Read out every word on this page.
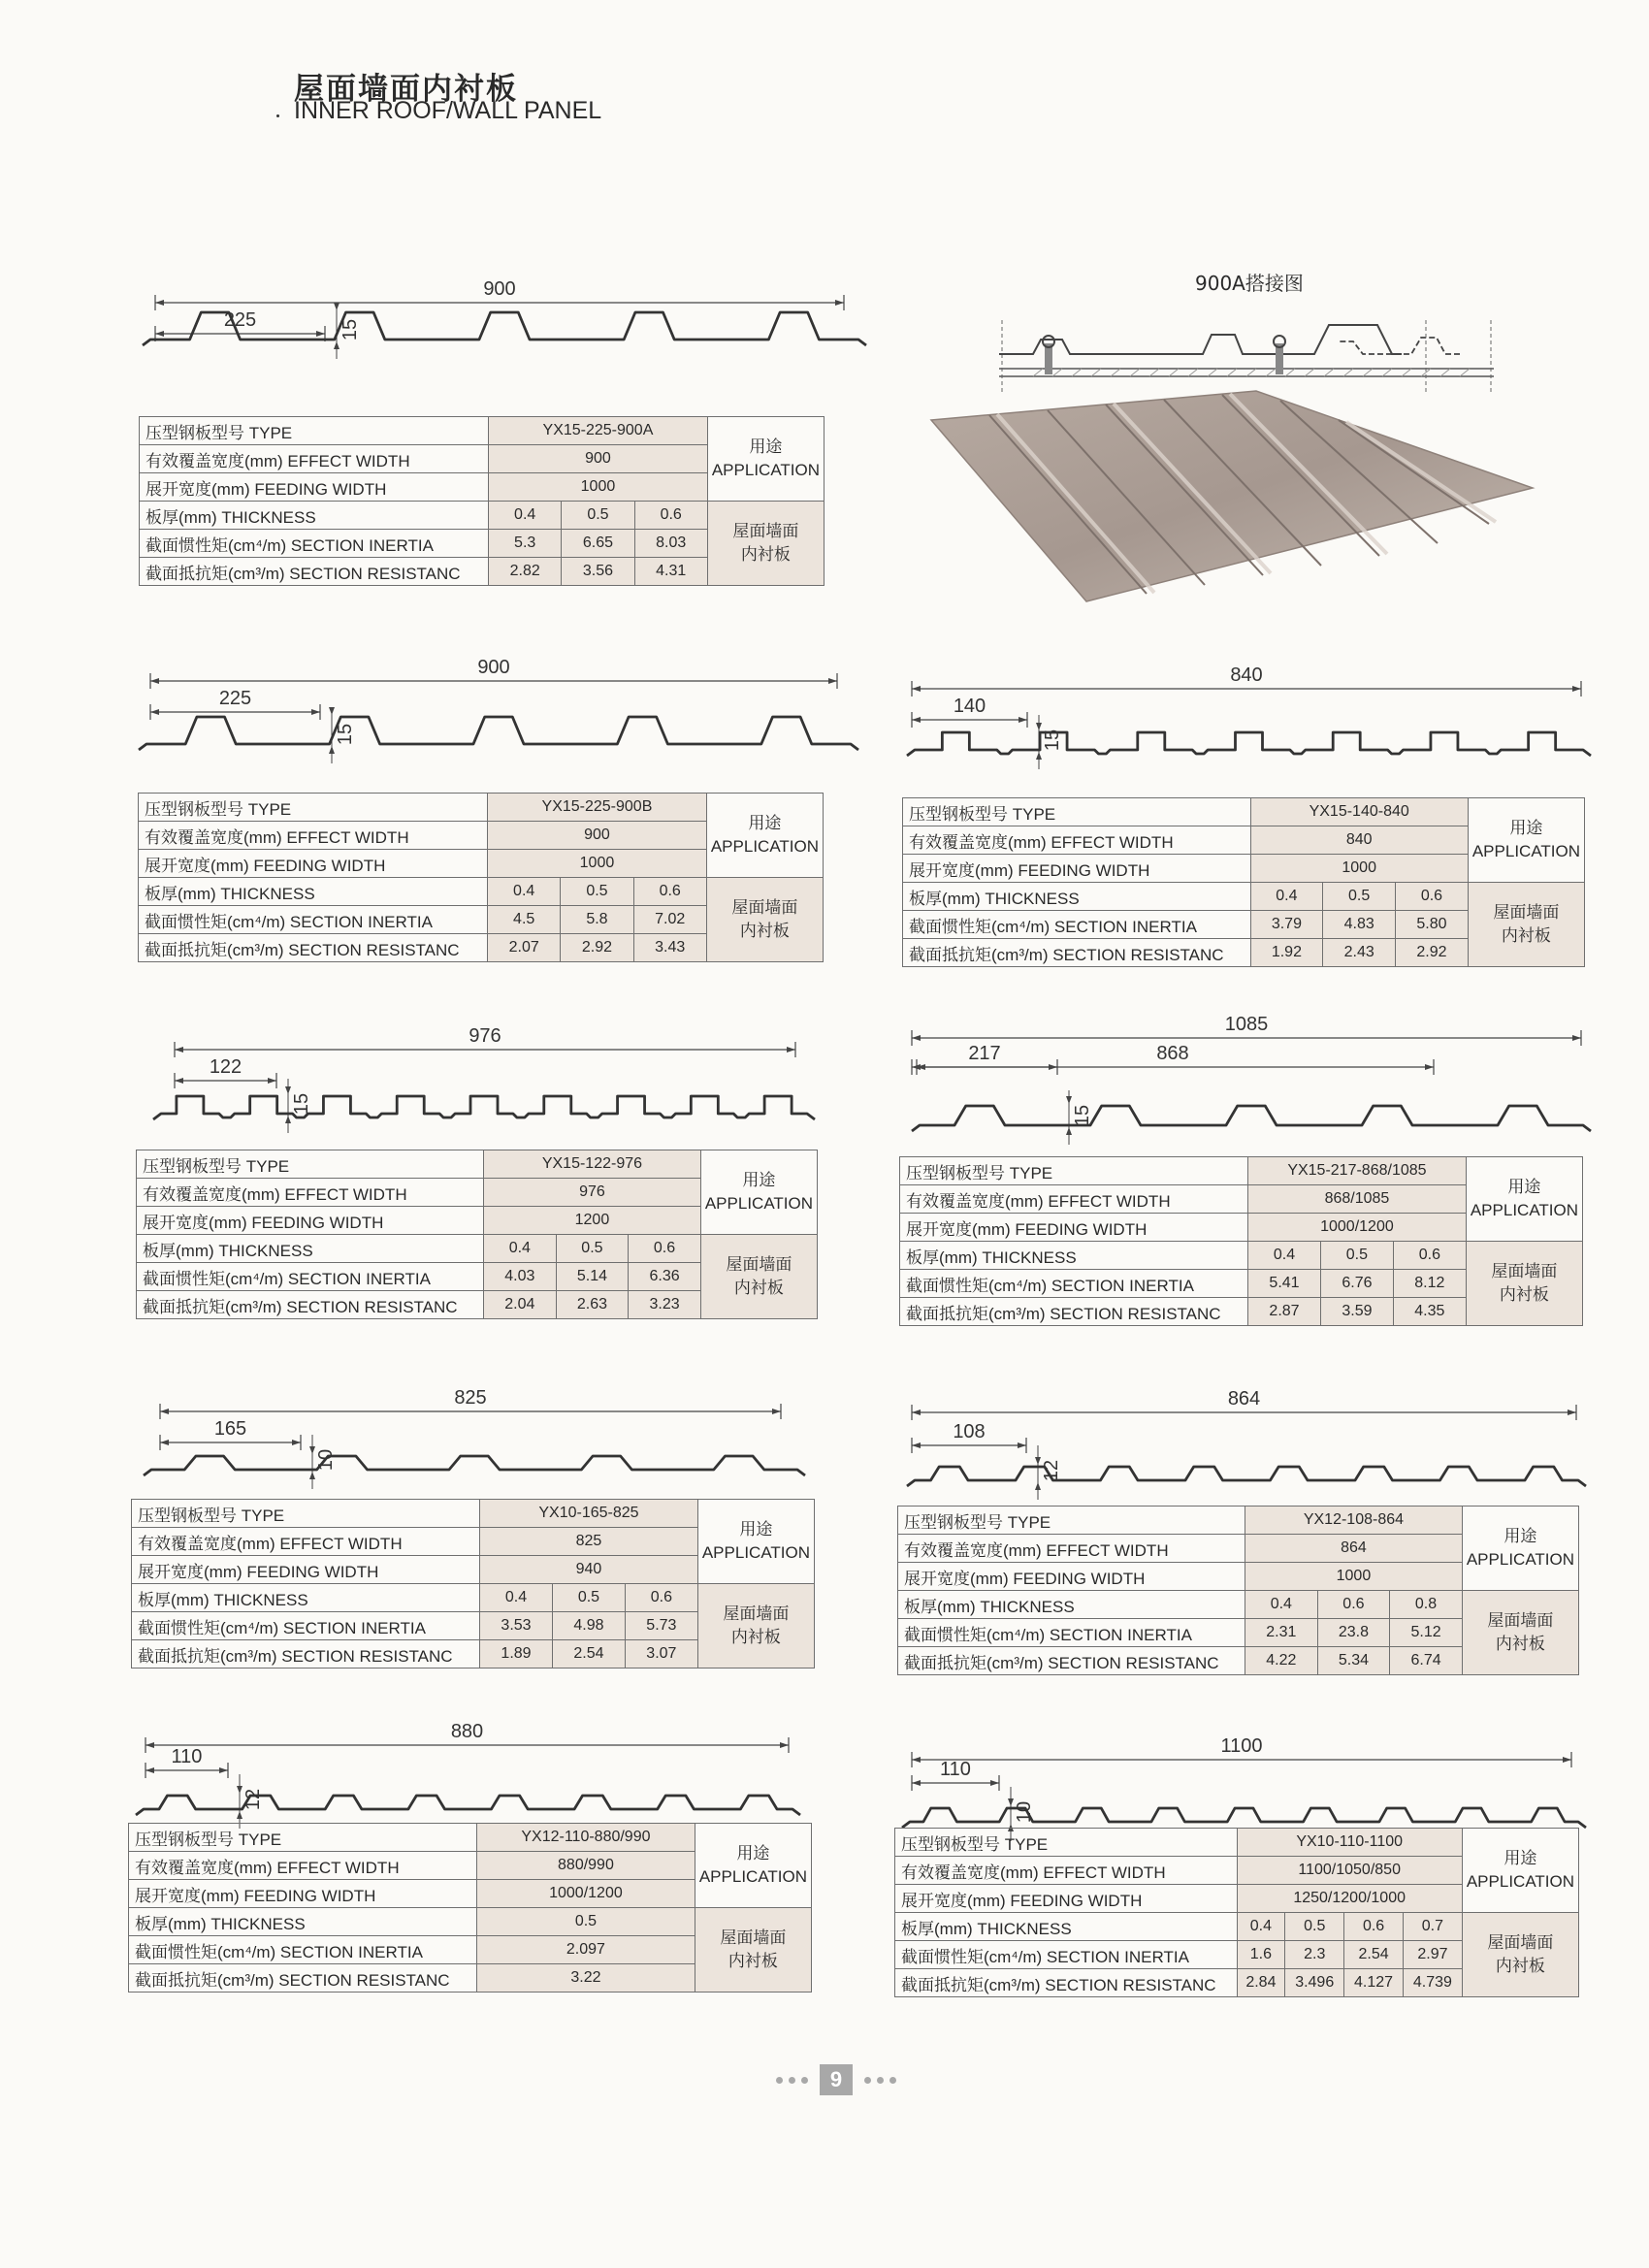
屋面墙面内衬板
INNER ROOF/WALL PANEL
900
225	15
900
225
15
840
140
15
976
122
15
1085
868
217
15
825
165
10
864
108
12
880
110
12
1100
110
10
900A搭接图
压型钢板型号 TYPE	YX15-225-900A			用途
APPLICATION
有效覆盖宽度(mm) EFFECT WIDTH	900			
展开宽度(mm) FEEDING WIDTH	1000			
板厚(mm) THICKNESS	0.4	0.5	0.6	屋面墙面
内衬板
截面惯性矩(cm⁴/m) SECTION INERTIA	5.3	6.65	8.03	
截面抵抗矩(cm³/m) SECTION RESISTANC	2.82	3.56	4.31	
压型钢板型号 TYPE	YX15-225-900B			用途
APPLICATION
有效覆盖宽度(mm) EFFECT WIDTH	900			
展开宽度(mm) FEEDING WIDTH	1000			
板厚(mm) THICKNESS	0.4	0.5	0.6	屋面墙面
内衬板
截面惯性矩(cm⁴/m) SECTION INERTIA	4.5	5.8	7.02	
截面抵抗矩(cm³/m) SECTION RESISTANC	2.07	2.92	3.43	
压型钢板型号 TYPE	YX15-122-976			用途
APPLICATION
有效覆盖宽度(mm) EFFECT WIDTH	976			
展开宽度(mm) FEEDING WIDTH	1200			
板厚(mm) THICKNESS	0.4	0.5	0.6	屋面墙面
内衬板
截面惯性矩(cm⁴/m) SECTION INERTIA	4.03	5.14	6.36	
截面抵抗矩(cm³/m) SECTION RESISTANC	2.04	2.63	3.23	
压型钢板型号 TYPE	YX10-165-825			用途
APPLICATION
有效覆盖宽度(mm) EFFECT WIDTH	825			
展开宽度(mm) FEEDING WIDTH	940			
板厚(mm) THICKNESS	0.4	0.5	0.6	屋面墙面
内衬板
截面惯性矩(cm⁴/m) SECTION INERTIA	3.53	4.98	5.73	
截面抵抗矩(cm³/m) SECTION RESISTANC	1.89	2.54	3.07	
压型钢板型号 TYPE	YX12-110-880/990	用途
APPLICATION
有效覆盖宽度(mm) EFFECT WIDTH	880/990	
展开宽度(mm) FEEDING WIDTH	1000/1200	
板厚(mm) THICKNESS	0.5	屋面墙面
内衬板
截面惯性矩(cm⁴/m) SECTION INERTIA	2.097	
截面抵抗矩(cm³/m) SECTION RESISTANC	3.22	
压型钢板型号 TYPE	YX15-140-840			用途
APPLICATION
有效覆盖宽度(mm) EFFECT WIDTH	840			
展开宽度(mm) FEEDING WIDTH	1000			
板厚(mm) THICKNESS	0.4	0.5	0.6	屋面墙面
内衬板
截面惯性矩(cm⁴/m) SECTION INERTIA	3.79	4.83	5.80	
截面抵抗矩(cm³/m) SECTION RESISTANC	1.92	2.43	2.92	
压型钢板型号 TYPE	YX15-217-868/1085			用途
APPLICATION
有效覆盖宽度(mm) EFFECT WIDTH	868/1085			
展开宽度(mm) FEEDING WIDTH	1000/1200			
板厚(mm) THICKNESS	0.4	0.5	0.6	屋面墙面
内衬板
截面惯性矩(cm⁴/m) SECTION INERTIA	5.41	6.76	8.12	
截面抵抗矩(cm³/m) SECTION RESISTANC	2.87	3.59	4.35	
压型钢板型号 TYPE	YX12-108-864			用途
APPLICATION
有效覆盖宽度(mm) EFFECT WIDTH	864			
展开宽度(mm) FEEDING WIDTH	1000			
板厚(mm) THICKNESS	0.4	0.6	0.8	屋面墙面
内衬板
截面惯性矩(cm⁴/m) SECTION INERTIA	2.31	23.8	5.12	
截面抵抗矩(cm³/m) SECTION RESISTANC	4.22	5.34	6.74	
压型钢板型号 TYPE	YX10-110-1100				用途
APPLICATION
有效覆盖宽度(mm) EFFECT WIDTH	1100/1050/850				
展开宽度(mm) FEEDING WIDTH	1250/1200/1000				
板厚(mm) THICKNESS	0.4	0.5	0.6	0.7	屋面墙面
内衬板
截面惯性矩(cm⁴/m) SECTION INERTIA	1.6	2.3	2.54	2.97	
截面抵抗矩(cm³/m) SECTION RESISTANC	2.84	3.496	4.127	4.739	
9
